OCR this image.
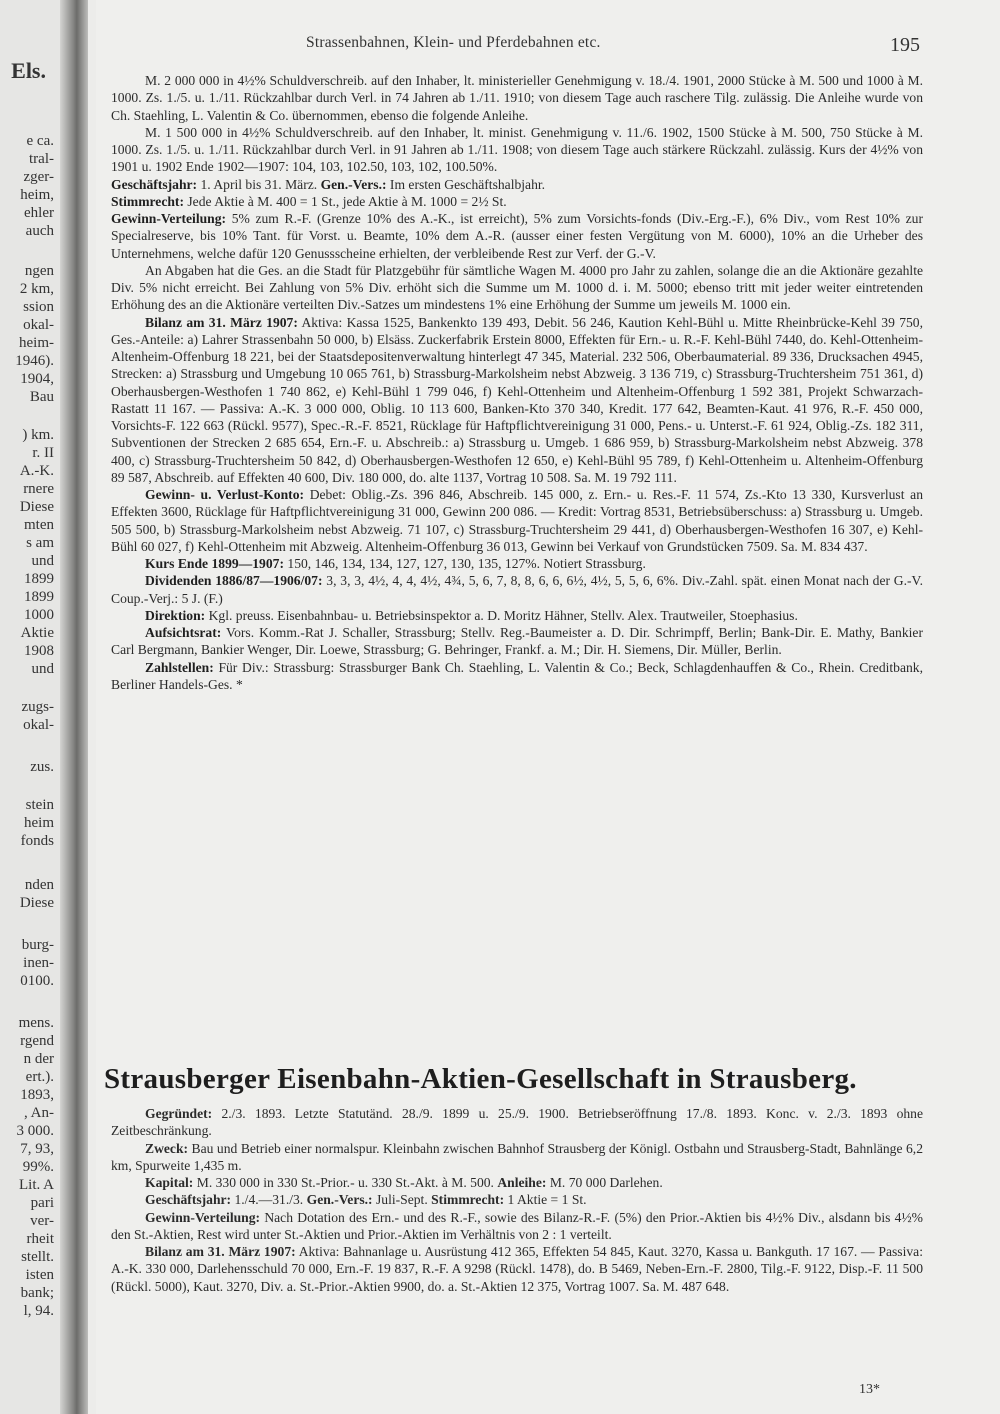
Els.
e ca.
tral-
zger-
heim,
ehler
auch
ngen
2 km,
ssion
okal-
heim-
1946).
1904,
Bau
) km.
r. II
A.-K.
rnere
Diese
mten
s am
und
1899
1899
1000
Aktie
1908
und
zugs-
okal-
zus.
stein
heim
fonds
nden
Diese
burg-
inen-
0100.
mens.
rgend
n der
ert.).
1893,
, An-
3 000.
7, 93,
99%.
Lit. A
pari
ver-
rheit
stellt.
isten
bank;
l, 94.
Strassenbahnen, Klein- und Pferdebahnen etc.	195

M. 2 000 000 in 4½% Schuldverschreib. auf den Inhaber, lt. ministerieller Genehmigung v. 18./4. 1901, 2000 Stücke à M. 500 und 1000 à M. 1000. Zs. 1./5. u. 1./11. Rückzahlbar durch Verl. in 74 Jahren ab 1./11. 1910; von diesem Tage auch raschere Tilg. zulässig. Die Anleihe wurde von Ch. Staehling, L. Valentin & Co. übernommen, ebenso die folgende Anleihe.

M. 1 500 000 in 4½% Schuldverschreib. auf den Inhaber, lt. minist. Genehmigung v. 11./6. 1902, 1500 Stücke à M. 500, 750 Stücke à M. 1000. Zs. 1./5. u. 1./11. Rückzahlbar durch Verl. in 91 Jahren ab 1./11. 1908; von diesem Tage auch stärkere Rückzahl. zulässig. Kurs der 4½% von 1901 u. 1902 Ende 1902—1907: 104, 103, 102.50, 103, 102, 100.50%.

Geschäftsjahr: 1. April bis 31. März. Gen.-Vers.: Im ersten Geschäftshalbjahr.

Stimmrecht: Jede Aktie à M. 400 = 1 St., jede Aktie à M. 1000 = 2½ St.

Gewinn-Verteilung: 5% zum R.-F. (Grenze 10% des A.-K., ist erreicht), 5% zum Vorsichts-fonds (Div.-Erg.-F.), 6% Div., vom Rest 10% zur Specialreserve, bis 10% Tant. für Vorst. u. Beamte, 10% dem A.-R. (ausser einer festen Vergütung von M. 6000), 10% an die Urheber des Unternehmens, welche dafür 120 Genussscheine erhielten, der verbleibende Rest zur Verf. der G.-V.

An Abgaben hat die Ges. an die Stadt für Platzgebühr für sämtliche Wagen M. 4000 pro Jahr zu zahlen, solange die an die Aktionäre gezahlte Div. 5% nicht erreicht. Bei Zahlung von 5% Div. erhöht sich die Summe um M. 1000 d. i. M. 5000; ebenso tritt mit jeder weiter eintretenden Erhöhung des an die Aktionäre verteilten Div.-Satzes um mindestens 1% eine Erhöhung der Summe um jeweils M. 1000 ein.

Bilanz am 31. März 1907: Aktiva: Kassa 1525, Bankenkto 139 493, Debit. 56 246, Kaution Kehl-Bühl u. Mitte Rheinbrücke-Kehl 39 750, Ges.-Anteile: a) Lahrer Strassenbahn 50 000, b) Elsäss. Zuckerfabrik Erstein 8000, Effekten für Ern.- u. R.-F. Kehl-Bühl 7440, do. Kehl-Ottenheim-Altenheim-Offenburg 18 221, bei der Staatsdepositenverwaltung hinterlegt 47 345, Material. 232 506, Oberbaumaterial. 89 336, Drucksachen 4945, Strecken: a) Strassburg und Umgebung 10 065 761, b) Strassburg-Markolsheim nebst Abzweig. 3 136 719, c) Strassburg-Truchtersheim 751 361, d) Oberhausbergen-Westhofen 1 740 862, e) Kehl-Bühl 1 799 046, f) Kehl-Ottenheim und Altenheim-Offenburg 1 592 381, Projekt Schwarzach-Rastatt 11 167. — Passiva: A.-K. 3 000 000, Oblig. 10 113 600, Banken-Kto 370 340, Kredit. 177 642, Beamten-Kaut. 41 976, R.-F. 450 000, Vorsichts-F. 122 663 (Rückl. 9577), Spec.-R.-F. 8521, Rücklage für Haftpflichtvereinigung 31 000, Pens.- u. Unterst.-F. 61 924, Oblig.-Zs. 182 311, Subventionen der Strecken 2 685 654, Ern.-F. u. Abschreib.: a) Strassburg u. Umgeb. 1 686 959, b) Strassburg-Markolsheim nebst Abzweig. 378 400, c) Strassburg-Truchtersheim 50 842, d) Oberhausbergen-Westhofen 12 650, e) Kehl-Bühl 95 789, f) Kehl-Ottenheim u. Altenheim-Offenburg 89 587, Abschreib. auf Effekten 40 600, Div. 180 000, do. alte 1137, Vortrag 10 508. Sa. M. 19 792 111.

Gewinn- u. Verlust-Konto: Debet: Oblig.-Zs. 396 846, Abschreib. 145 000, z. Ern.- u. Res.-F. 11 574, Zs.-Kto 13 330, Kursverlust an Effekten 3600, Rücklage für Haftpflichtvereinigung 31 000, Gewinn 200 086. — Kredit: Vortrag 8531, Betriebsüberschuss: a) Strassburg u. Umgeb. 505 500, b) Strassburg-Markolsheim nebst Abzweig. 71 107, c) Strassburg-Truchtersheim 29 441, d) Oberhausbergen-Westhofen 16 307, e) Kehl-Bühl 60 027, f) Kehl-Ottenheim mit Abzweig. Altenheim-Offenburg 36 013, Gewinn bei Verkauf von Grundstücken 7509. Sa. M. 834 437.

Kurs Ende 1899—1907: 150, 146, 134, 134, 127, 127, 130, 135, 127%. Notiert Strassburg.

Dividenden 1886/87—1906/07: 3, 3, 3, 4½, 4, 4, 4½, 4¾, 5, 6, 7, 8, 8, 6, 6, 6½, 4½, 5, 5, 6, 6%. Div.-Zahl. spät. einen Monat nach der G.-V. Coup.-Verj.: 5 J. (F.)

Direktion: Kgl. preuss. Eisenbahnbau- u. Betriebsinspektor a. D. Moritz Hähner, Stellv. Alex. Trautweiler, Stoephasius.

Aufsichtsrat: Vors. Komm.-Rat J. Schaller, Strassburg; Stellv. Reg.-Baumeister a. D. Dir. Schrimpff, Berlin; Bank-Dir. E. Mathy, Bankier Carl Bergmann, Bankier Wenger, Dir. Loewe, Strassburg; G. Behringer, Frankf. a. M.; Dir. H. Siemens, Dir. Müller, Berlin.

Zahlstellen: Für Div.: Strassburg: Strassburger Bank Ch. Staehling, L. Valentin & Co.; Beck, Schlagdenhauffen & Co., Rhein. Creditbank, Berliner Handels-Ges. *

Strausberger Eisenbahn-Aktien-Gesellschaft in Strausberg.

Gegründet: 2./3. 1893. Letzte Statutänd. 28./9. 1899 u. 25./9. 1900. Betriebseröffnung 17./8. 1893. Konc. v. 2./3. 1893 ohne Zeitbeschränkung.

Zweck: Bau und Betrieb einer normalspur. Kleinbahn zwischen Bahnhof Strausberg der Königl. Ostbahn und Strausberg-Stadt, Bahnlänge 6,2 km, Spurweite 1,435 m.

Kapital: M. 330 000 in 330 St.-Prior.- u. 330 St.-Akt. à M. 500. Anleihe: M. 70 000 Darlehen.

Geschäftsjahr: 1./4.—31./3. Gen.-Vers.: Juli-Sept. Stimmrecht: 1 Aktie = 1 St.

Gewinn-Verteilung: Nach Dotation des Ern.- und des R.-F., sowie des Bilanz-R.-F. (5%) den Prior.-Aktien bis 4½% Div., alsdann bis 4½% den St.-Aktien, Rest wird unter St.-Aktien und Prior.-Aktien im Verhältnis von 2 : 1 verteilt.

Bilanz am 31. März 1907: Aktiva: Bahnanlage u. Ausrüstung 412 365, Effekten 54 845, Kaut. 3270, Kassa u. Bankguth. 17 167. — Passiva: A.-K. 330 000, Darlehensschuld 70 000, Ern.-F. 19 837, R.-F. A 9298 (Rückl. 1478), do. B 5469, Neben-Ern.-F. 2800, Tilg.-F. 9122, Disp.-F. 11 500 (Rückl. 5000), Kaut. 3270, Div. a. St.-Prior.-Aktien 9900, do. a. St.-Aktien 12 375, Vortrag 1007. Sa. M. 487 648.

13*
